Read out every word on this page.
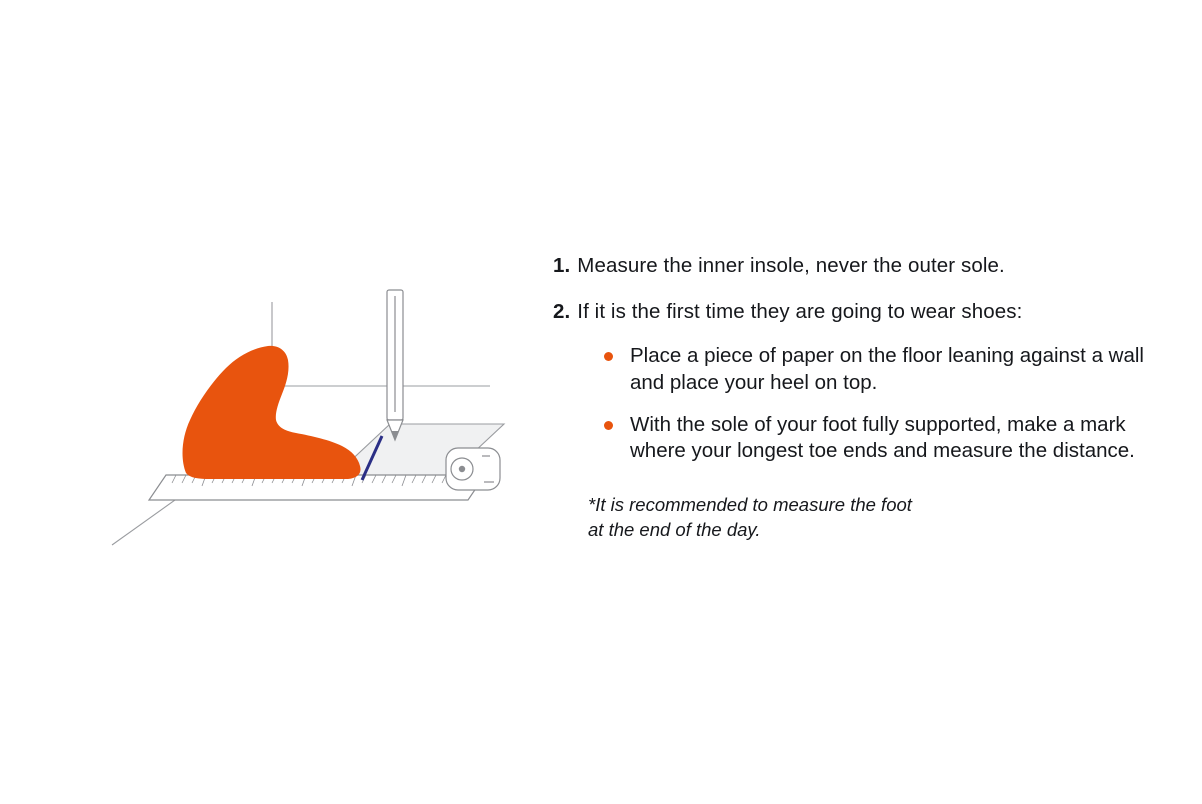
1. Measure the inner insole, never the outer sole.
2. If it is the first time they are going to wear shoes:
Place a piece of paper on the floor leaning against a wall and place your heel on top.
With the sole of your foot fully supported, make a mark where your longest toe ends and measure the distance.
*It is recommended to measure the foot
at the end of the day.
